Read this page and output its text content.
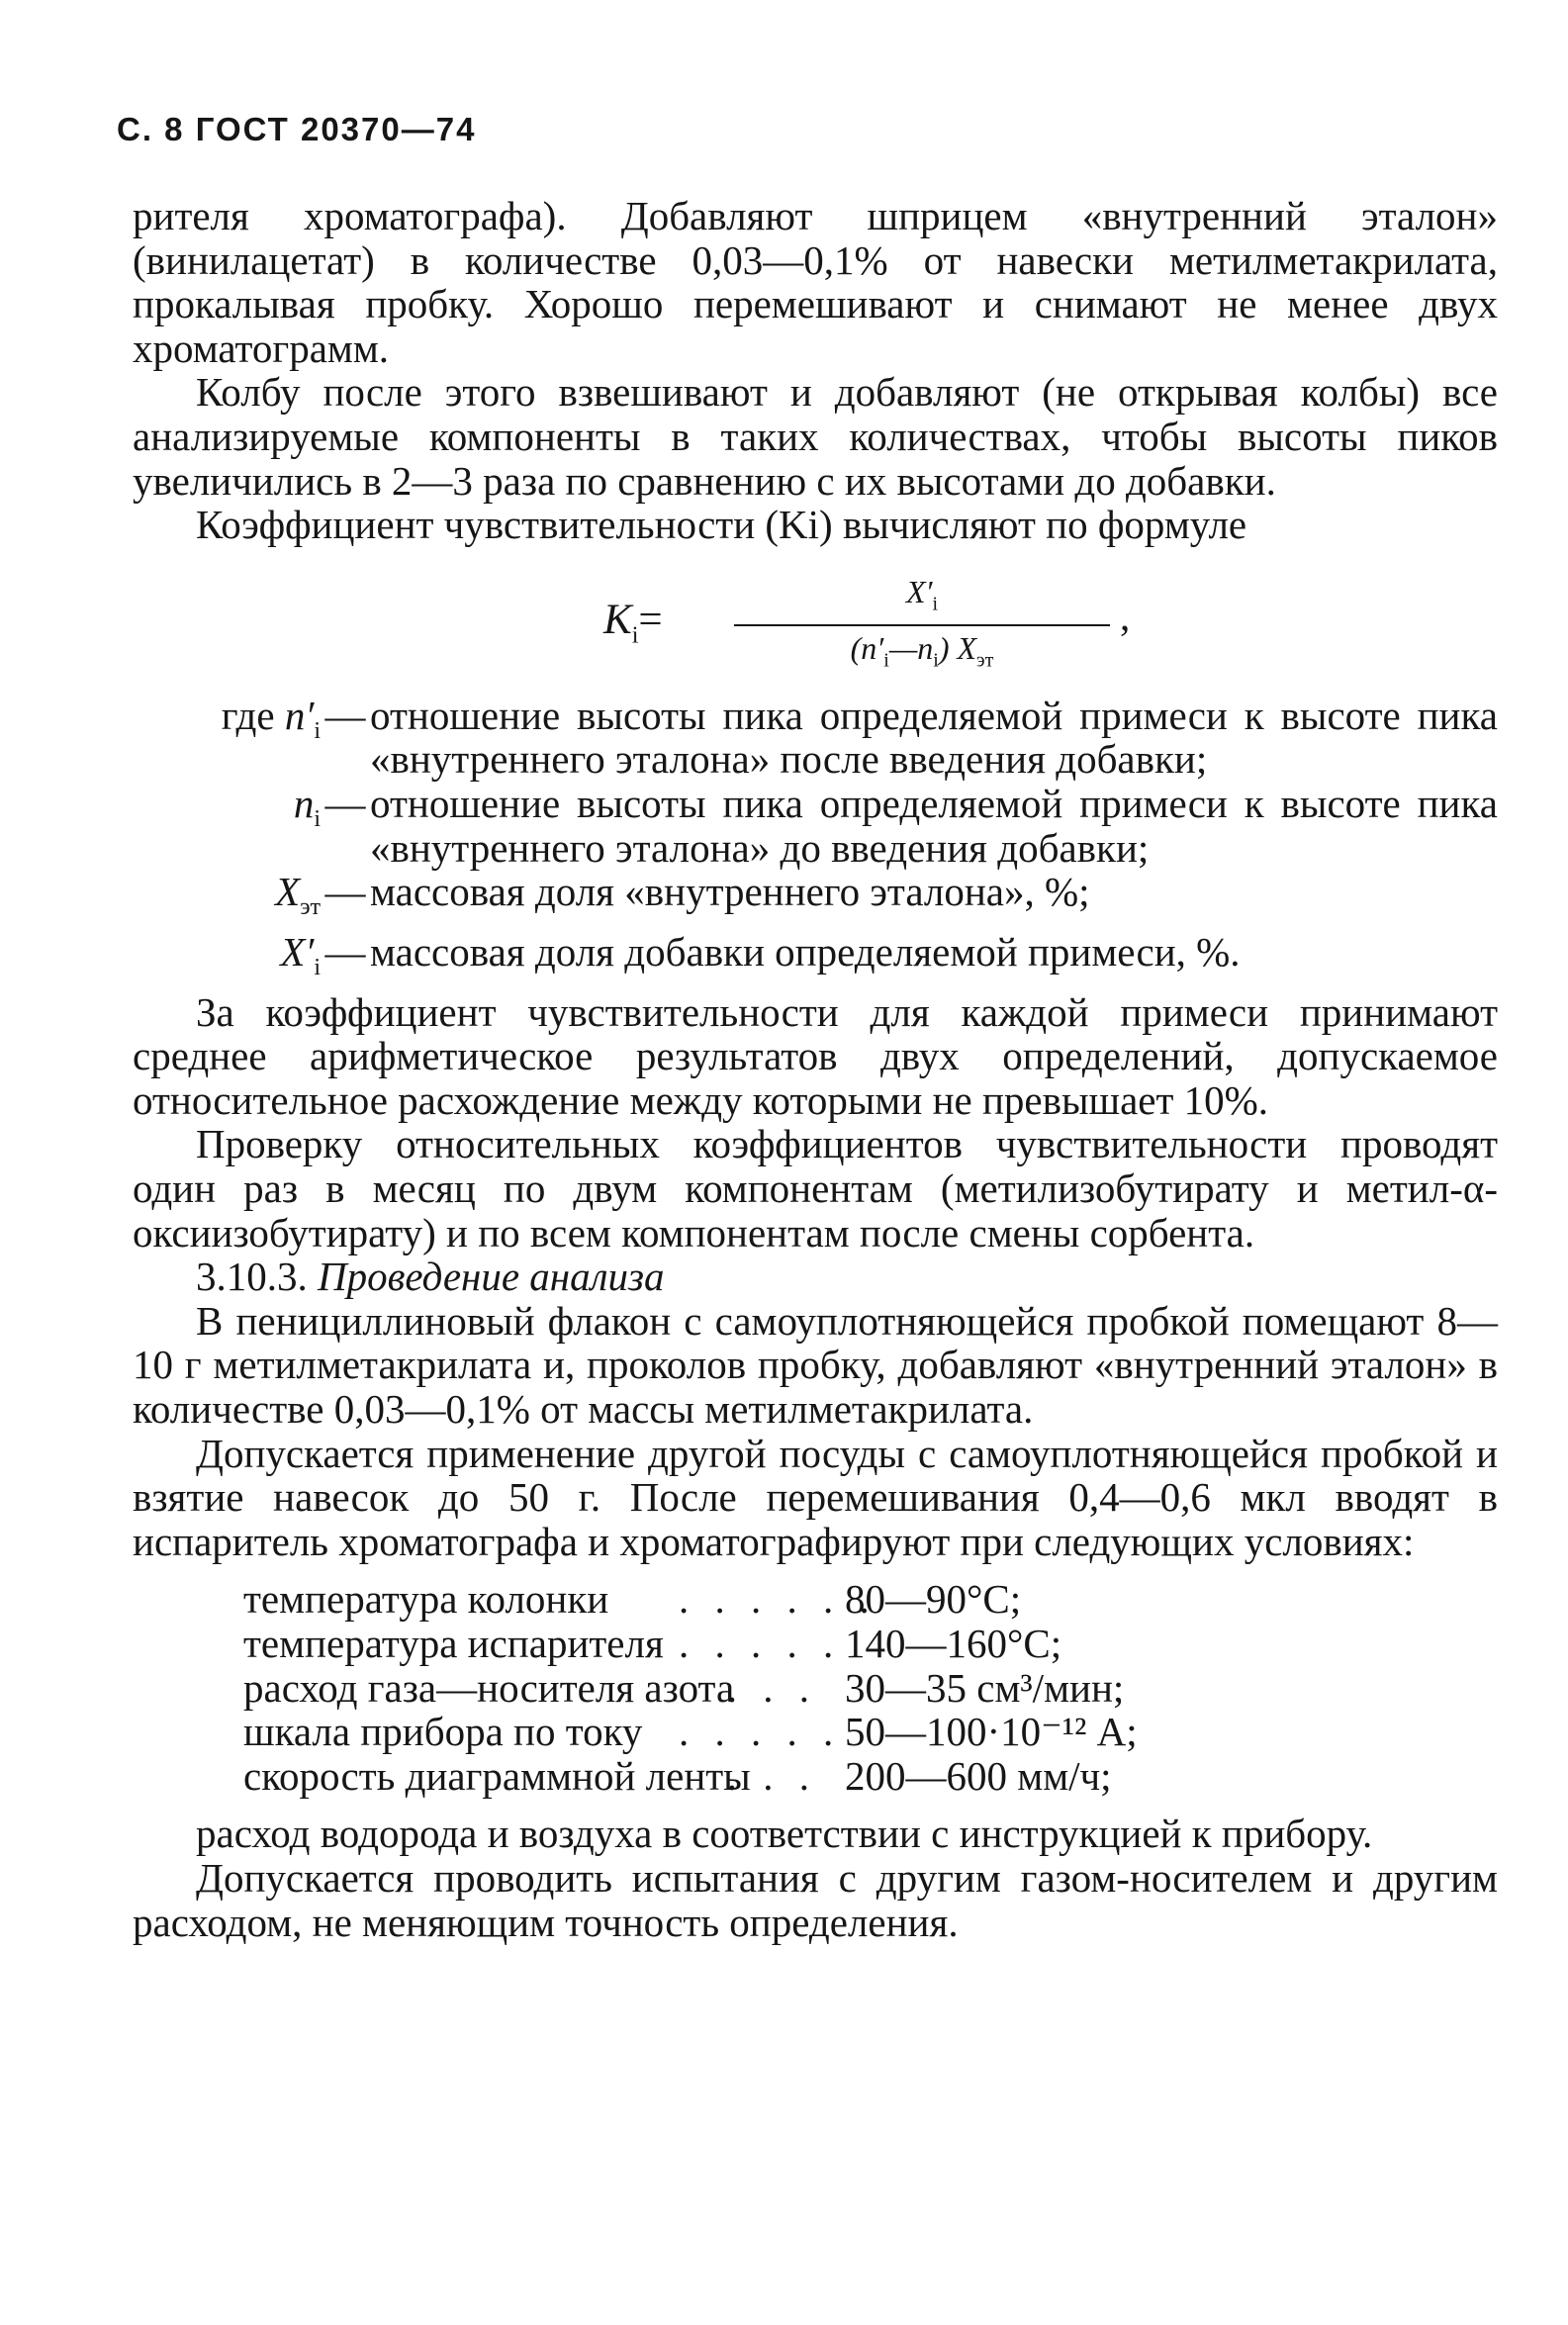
С. 8 ГОСТ 20370—74

рителя хроматографа). Добавляют шприцем «внутренний эталон» (винилацетат) в количестве 0,03—0,1% от навески метилметакрилата, прокалывая пробку. Хорошо перемешивают и снимают не менее двух хроматограмм.

Колбу после этого взвешивают и добавляют (не открывая колбы) все анализируемые компоненты в таких количествах, чтобы высоты пиков увеличились в 2—3 раза по сравнению с их высотами до добавки.

Коэффициент чувствительности (Ki) вычисляют по формуле

$K_i=$
$X'_i$
$(n'_i—n_i)$ $X_{эт}$
,
где $n'_i$ — отношение высоты пика определяемой примеси к высоте пика «внутреннего эталона» после введения добавки;
$n_i$ — отношение высоты пика определяемой примеси к высоте пика «внутреннего эталона» до введения добавки;
$X_{эт}$ — массовая доля «внутреннего эталона», %;
$X'_i$ — массовая доля добавки определяемой примеси, %.

За коэффициент чувствительности для каждой примеси принимают среднее арифметическое результатов двух определений, допускаемое относительное расхождение между которыми не превышает 10%.

Проверку относительных коэффициентов чувствительности проводят один раз в месяц по двум компонентам (метилизобутирату и метил-α-оксиизобутирату) и по всем компонентам после смены сорбента.

3.10.3. Проведение анализа

В пенициллиновый флакон с самоуплотняющейся пробкой помещают 8—10 г метилметакрилата и, проколов пробку, добавляют «внутренний эталон» в количестве 0,03—0,1% от массы метилметакрилата.

Допускается применение другой посуды с самоуплотняющейся пробкой и взятие навесок до 50 г. После перемешивания 0,4—0,6 мкл вводят в испаритель хроматографа и хроматографируют при следующих условиях:

температура колонки	. . . . . .
80—90°С;
температура испарителя . . . . . 140—160°С;
расход газа—носителя азота
. . . 30—35 см³/мин;
шкала прибора по току . . . . . 50—100·10⁻¹² А;
скорость диаграммной ленты
. . . 200—600 мм/ч;

расход водорода и воздуха в соответствии с инструкцией к прибору.

Допускается проводить испытания с другим газом-носителем и другим расходом, не меняющим точность определения.
